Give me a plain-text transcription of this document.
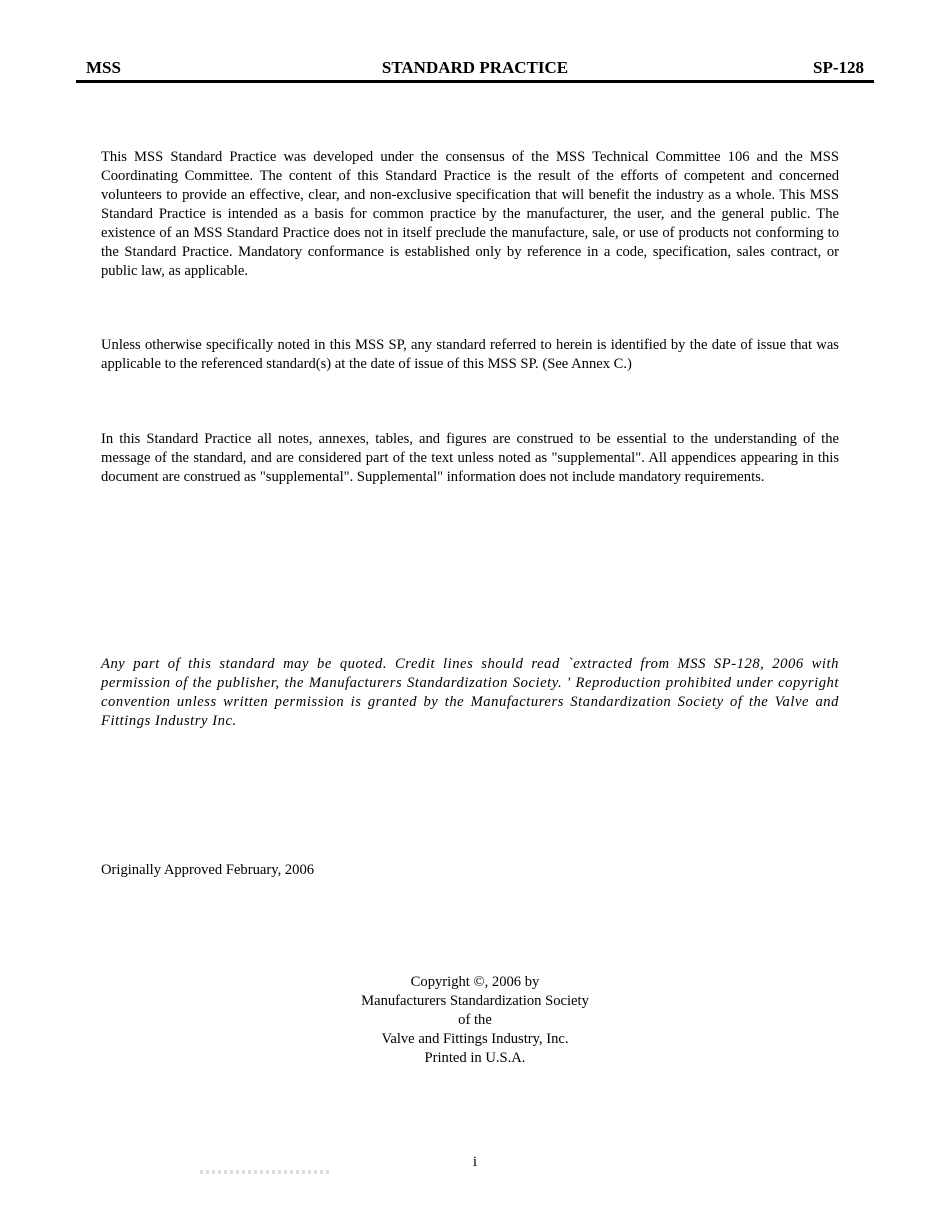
MSS	STANDARD PRACTICE	SP-128

This MSS Standard Practice was developed under the consensus of the MSS Technical Committee 106 and the MSS Coordinating Committee. The content of this Standard Practice is the result of the efforts of competent and concerned volunteers to provide an effective, clear, and non-exclusive specification that will benefit the industry as a whole. This MSS Standard Practice is intended as a basis for common practice by the manufacturer, the user, and the general public. The existence of an MSS Standard Practice does not in itself preclude the manufacture, sale, or use of products not conforming to the Standard Practice. Mandatory conformance is established only by reference in a code, specification, sales contract, or public law, as applicable.

Unless otherwise specifically noted in this MSS SP, any standard referred to herein is identified by the date of issue that was applicable to the referenced standard(s) at the date of issue of this MSS SP. (See Annex C.)

In this Standard Practice all notes, annexes, tables, and figures are construed to be essential to the understanding of the message of the standard, and are considered part of the text unless noted as "supplemental". All appendices appearing in this document are construed as "supplemental". Supplemental" information does not include mandatory requirements.

Any part of this standard may be quoted. Credit lines should read `extracted from MSS SP-128, 2006 with permission of the publisher, the Manufacturers Standardization Society. ' Reproduction prohibited under copyright convention unless written permission is granted by the Manufacturers Standardization Society of the Valve and Fittings Industry Inc.

Originally Approved February, 2006
Copyright ©, 2006 by
Manufacturers Standardization Society
of the
Valve and Fittings Industry, Inc.
Printed in U.S.A.
i
